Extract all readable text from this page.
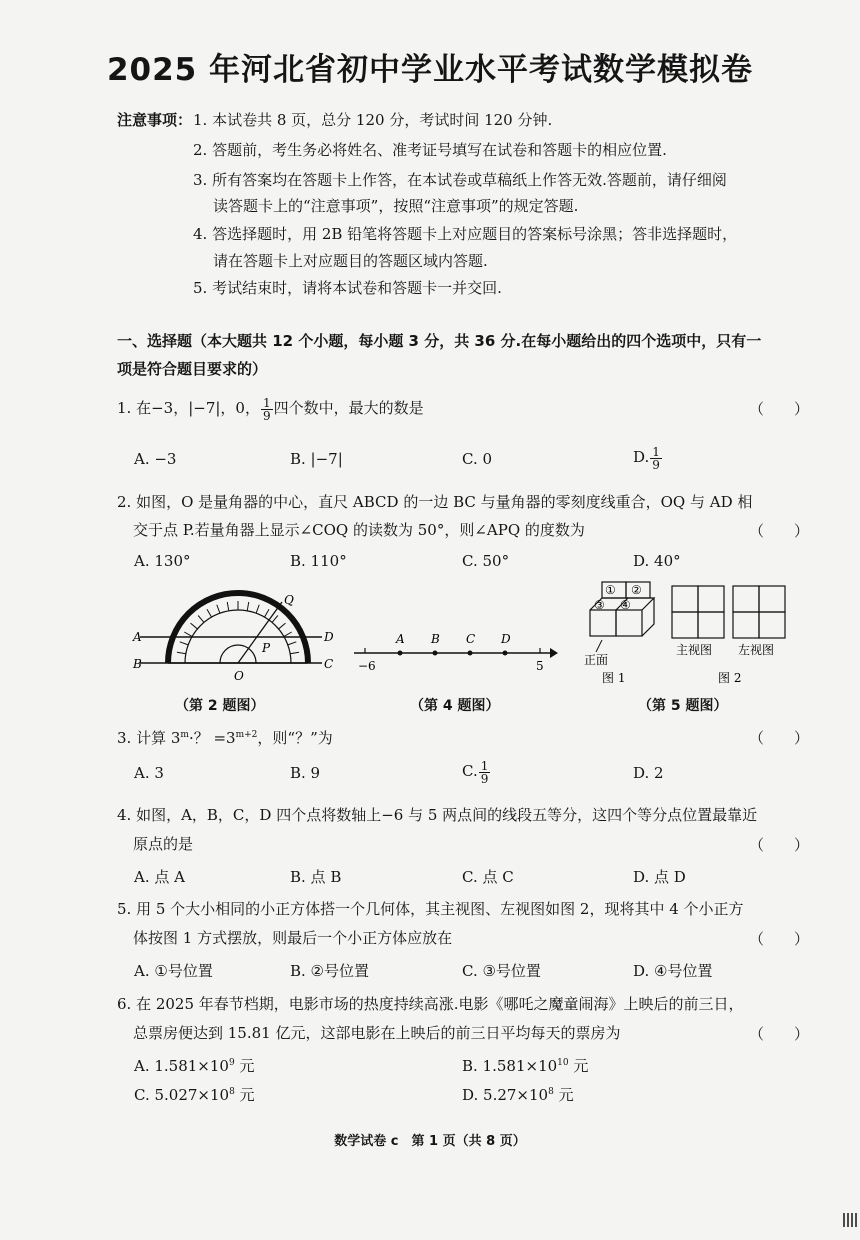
2025 年河北省初中学业水平考试数学模拟卷
注意事项： 1. 本试卷共 8 页，总分 120 分，考试时间 120 分钟.
2. 答题前，考生务必将姓名、准考证号填写在试卷和答题卡的相应位置.
3. 所有答案均在答题卡上作答，在本试卷或草稿纸上作答无效.答题前，请仔细阅
读答题卡上的“注意事项”，按照“注意事项”的规定答题.
4. 答选择题时，用 2B 铅笔将答题卡上对应题目的答案标号涂黑；答非选择题时，
请在答题卡上对应题目的答题区域内答题.
5. 考试结束时，请将本试卷和答题卡一并交回.
一、选择题（本大题共 12 个小题，每小题 3 分，共 36 分.在每小题给出的四个选项中，只有一
项是符合题目要求的）
1. 在−3，|−7|，0， $\frac{1}{9}$ 四个数中，最大的数是	（　　）
A. −3	B. |−7|	C. 0	D. $\frac{1}{9}$
2. 如图，O 是量角器的中心，直尺 ABCD 的一边 BC 与量角器的零刻度线重合，OQ 与 AD 相
交于点 P.若量角器上显示∠COQ 的读数为 50°，则∠APQ 的度数为	（　　）
A. 130°	B. 110°	C. 50°	D. 40°
A
B
D
C
O
P
Q
（第 2 题图）
A B C D
−6	5
（第 4 题图）
① ②
③ ④
正面
图 1
主视图 左视图
图 2
（第 5 题图）
3. 计算 $3^m\cdot$？ $=3^{m+2}$，则“？”为	（　　）
A. 3	B. 9	C. $\frac{1}{9}$	D. 2
4. 如图，A，B，C，D 四个点将数轴上−6 与 5 两点间的线段五等分，这四个等分点位置最靠近
原点的是	（　　）
A. 点 A	B. 点 B	C. 点 C	D. 点 D
5. 用 5 个大小相同的小正方体搭一个几何体，其主视图、左视图如图 2，现将其中 4 个小正方
体按图 1 方式摆放，则最后一个小正方体应放在	（　　）
A. ①号位置	B. ②号位置	C. ③号位置	D. ④号位置
6. 在 2025 年春节档期，电影市场的热度持续高涨.电影《哪吒之魔童闹海》上映后的前三日，
总票房便达到 15.81 亿元，这部电影在上映后的前三日平均每天的票房为	（　　）
A. $1.581\times 10^9$ 元	B. $1.581\times 10^{10}$ 元
C. $5.027\times 10^8$ 元	D. $5.27\times 10^8$ 元
数学试卷 c　第 1 页（共 8 页）
